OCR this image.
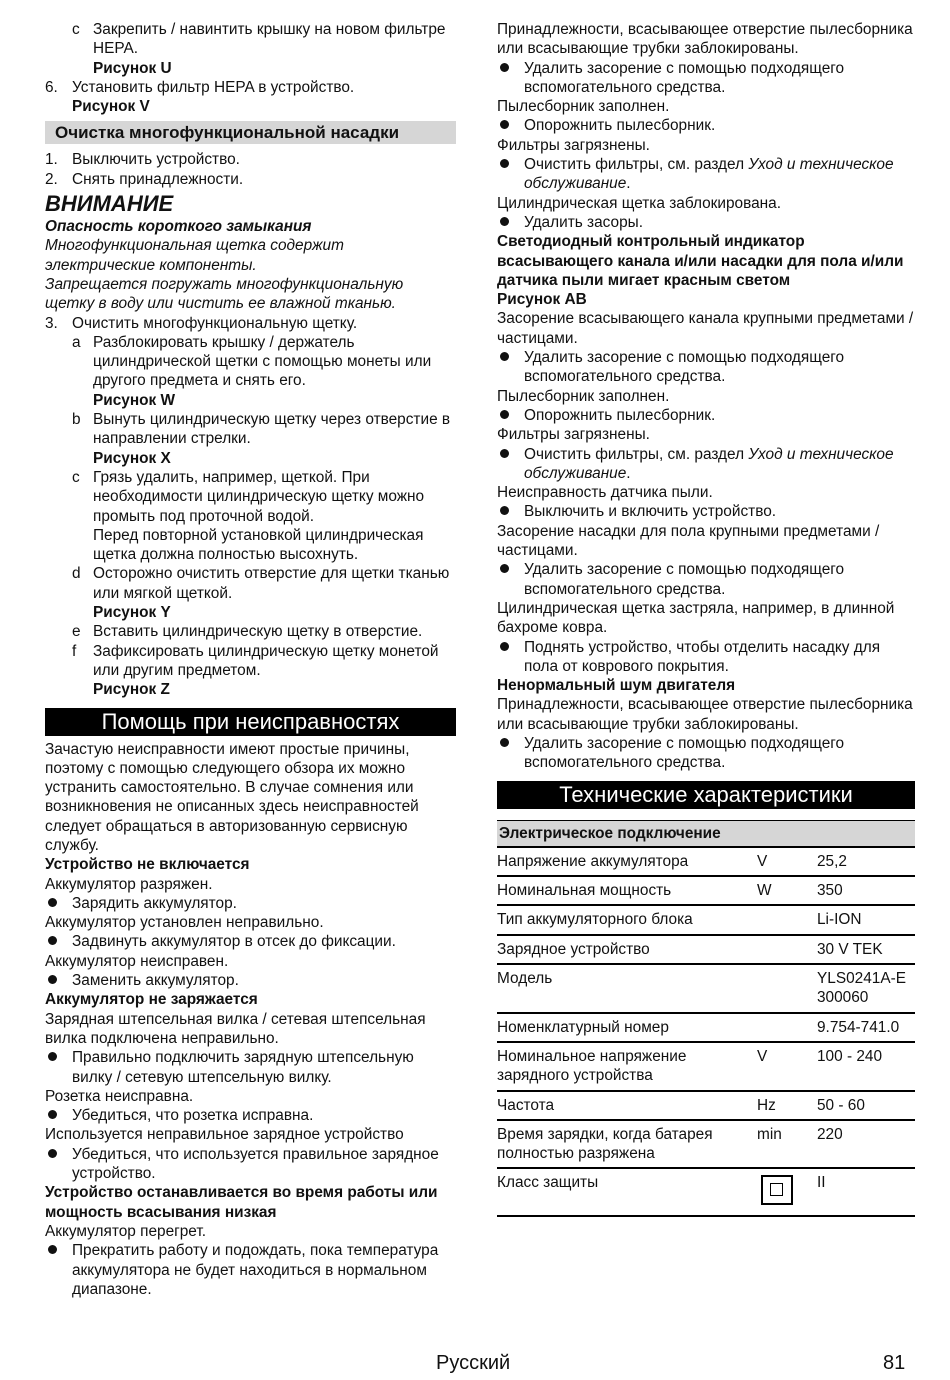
c Закрепить / навинтить крышку на новом фильтре HEPA.
Рисунок U
6. Установить фильтр HEPA в устройство.
Рисунок V
Очистка многофункциональной насадки
1. Выключить устройство.
2. Снять принадлежности.

ВНИМАНИЕ

Опасность короткого замыкания

Многофункциональная щетка содержит электрические компоненты.

Запрещается погружать многофункциональную щетку в воду или чистить ее влажной тканью.

3. Очистить многофункциональную щетку.
a Разблокировать крышку / держатель цилиндрической щетки с помощью монеты или другого предмета и снять его.
Рисунок W
b Вынуть цилиндрическую щетку через отверстие в направлении стрелки.
Рисунок X
c Грязь удалить, например, щеткой. При необходимости цилиндрическую щетку можно промыть под проточной водой.
Перед повторной установкой цилиндрическая щетка должна полностью высохнуть.
d Осторожно очистить отверстие для щетки тканью или мягкой щеткой.
Рисунок Y
e Вставить цилиндрическую щетку в отверстие.
f	Зафиксировать цилиндрическую щетку монетой или другим предметом.
Рисунок Z
Помощь при неисправностях

Зачастую неисправности имеют простые причины, поэтому с помощью следующего обзора их можно устранить самостоятельно. В случае сомнения или возникновения не описанных здесь неисправностей следует обращаться в авторизованную сервисную службу.

Устройство не включается

Аккумулятор разряжен.

Зарядить аккумулятор.

Аккумулятор установлен неправильно.

Задвинуть аккумулятор в отсек до фиксации.

Аккумулятор неисправен.

Заменить аккумулятор.

Аккумулятор не заряжается

Зарядная штепсельная вилка / сетевая штепсельная вилка подключена неправильно.

Правильно подключить зарядную штепсельную вилку / сетевую штепсельную вилку.

Розетка неисправна.

Убедиться, что розетка исправна.

Используется неправильное зарядное устройство

Убедиться, что используется правильное зарядное устройство.

Устройство останавливается во время работы или мощность всасывания низкая

Аккумулятор перегрет.

Прекратить работу и подождать, пока температура аккумулятора не будет находиться в нормальном диапазоне.

Принадлежности, всасывающее отверстие пылесборника или всасывающие трубки заблокированы.

Удалить засорение с помощью подходящего вспомогательного средства.

Пылесборник заполнен.

Опорожнить пылесборник.

Фильтры загрязнены.

Очистить фильтры, см. раздел Уход и техническое обслуживание.

Цилиндрическая щетка заблокирована.

Удалить засоры.

Светодиодный контрольный индикатор всасывающего канала и/или насадки для пола и/или датчика пыли мигает красным светом

Рисунок AB

Засорение всасывающего канала крупными предметами / частицами.

Удалить засорение с помощью подходящего вспомогательного средства.

Пылесборник заполнен.

Опорожнить пылесборник.

Фильтры загрязнены.

Очистить фильтры, см. раздел Уход и техническое обслуживание.

Неисправность датчика пыли.

Выключить и включить устройство.

Засорение насадки для пола крупными предметами / частицами.

Удалить засорение с помощью подходящего вспомогательного средства.

Цилиндрическая щетка застряла, например, в длинной бахроме ковра.

Поднять устройство, чтобы отделить насадку для пола от коврового покрытия.

Ненормальный шум двигателя

Принадлежности, всасывающее отверстие пылесборника или всасывающие трубки заблокированы.

Удалить засорение с помощью подходящего вспомогательного средства.
Технические характеристики
Электрическое подключение		
Напряжение аккумулятора	V	25,2
Номинальная мощность	W	350
Тип аккумуляторного блока		Li-ION
Зарядное устройство		30 V TEK
Модель		YLS0241A-E300060
Номенклатурный номер		9.754-741.0
Номинальное напряжение зарядного устройства	V	100 - 240
Частота	Hz	50 - 60
Время зарядки, когда батарея полностью разряжена	min	220
Класс защиты		II
Русский	81
